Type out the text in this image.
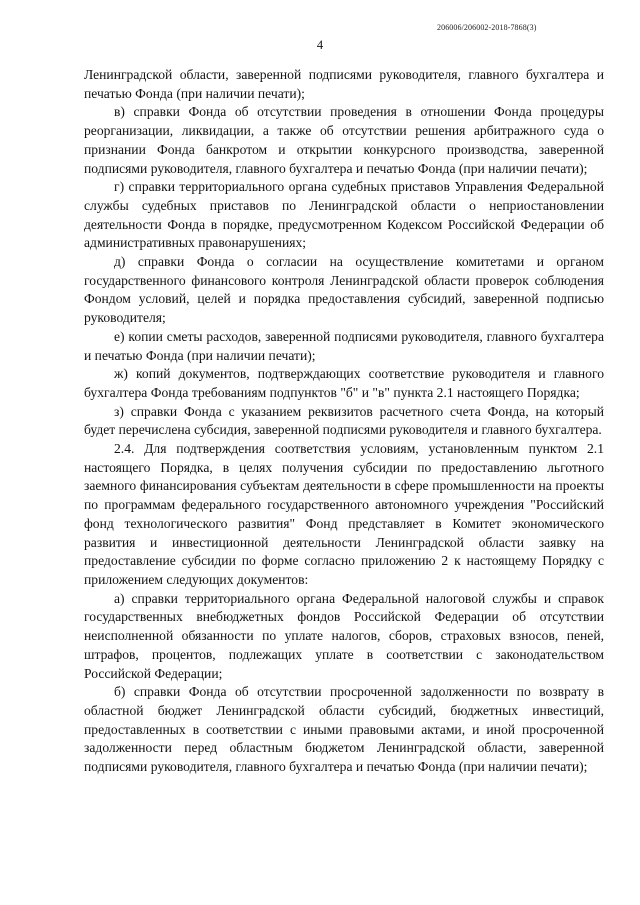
206006/206002-2018-7868(3)
4

Ленинградской области, заверенной подписями руководителя, главного бухгалтера и печатью Фонда (при наличии печати);

в) справки Фонда об отсутствии проведения в отношении Фонда процедуры реорганизации, ликвидации, а также об отсутствии решения арбитражного суда о признании Фонда банкротом и открытии конкурсного производства, заверенной подписями руководителя, главного бухгалтера и печатью Фонда (при наличии печати);

г) справки территориального органа судебных приставов Управления Федеральной службы судебных приставов по Ленинградской области о неприостановлении деятельности Фонда в порядке, предусмотренном Кодексом Российской Федерации об административных правонарушениях;

д) справки Фонда о согласии на осуществление комитетами и органом государственного финансового контроля Ленинградской области проверок соблюдения Фондом условий, целей и порядка предоставления субсидий, заверенной подписью руководителя;

е) копии сметы расходов, заверенной подписями руководителя, главного бухгалтера и печатью Фонда (при наличии печати);

ж) копий документов, подтверждающих соответствие руководителя и главного бухгалтера Фонда требованиям подпунктов "б" и "в" пункта 2.1 настоящего Порядка;

з) справки Фонда с указанием реквизитов расчетного счета Фонда, на который будет перечислена субсидия, заверенной подписями руководителя и главного бухгалтера.

2.4. Для подтверждения соответствия условиям, установленным пунктом 2.1 настоящего Порядка, в целях получения субсидии по предоставлению льготного заемного финансирования субъектам деятельности в сфере промышленности на проекты по программам федерального государственного автономного учреждения "Российский фонд технологического развития" Фонд представляет в Комитет экономического развития и инвестиционной деятельности Ленинградской области заявку на предоставление субсидии по форме согласно приложению 2 к настоящему Порядку с приложением следующих документов:

а) справки территориального органа Федеральной налоговой службы и справок государственных внебюджетных фондов Российской Федерации об отсутствии неисполненной обязанности по уплате налогов, сборов, страховых взносов, пеней, штрафов, процентов, подлежащих уплате в соответствии с законодательством Российской Федерации;

б) справки Фонда об отсутствии просроченной задолженности по возврату в областной бюджет Ленинградской области субсидий, бюджетных инвестиций, предоставленных в соответствии с иными правовыми актами, и иной просроченной задолженности перед областным бюджетом Ленинградской области, заверенной подписями руководителя, главного бухгалтера и печатью Фонда (при наличии печати);
